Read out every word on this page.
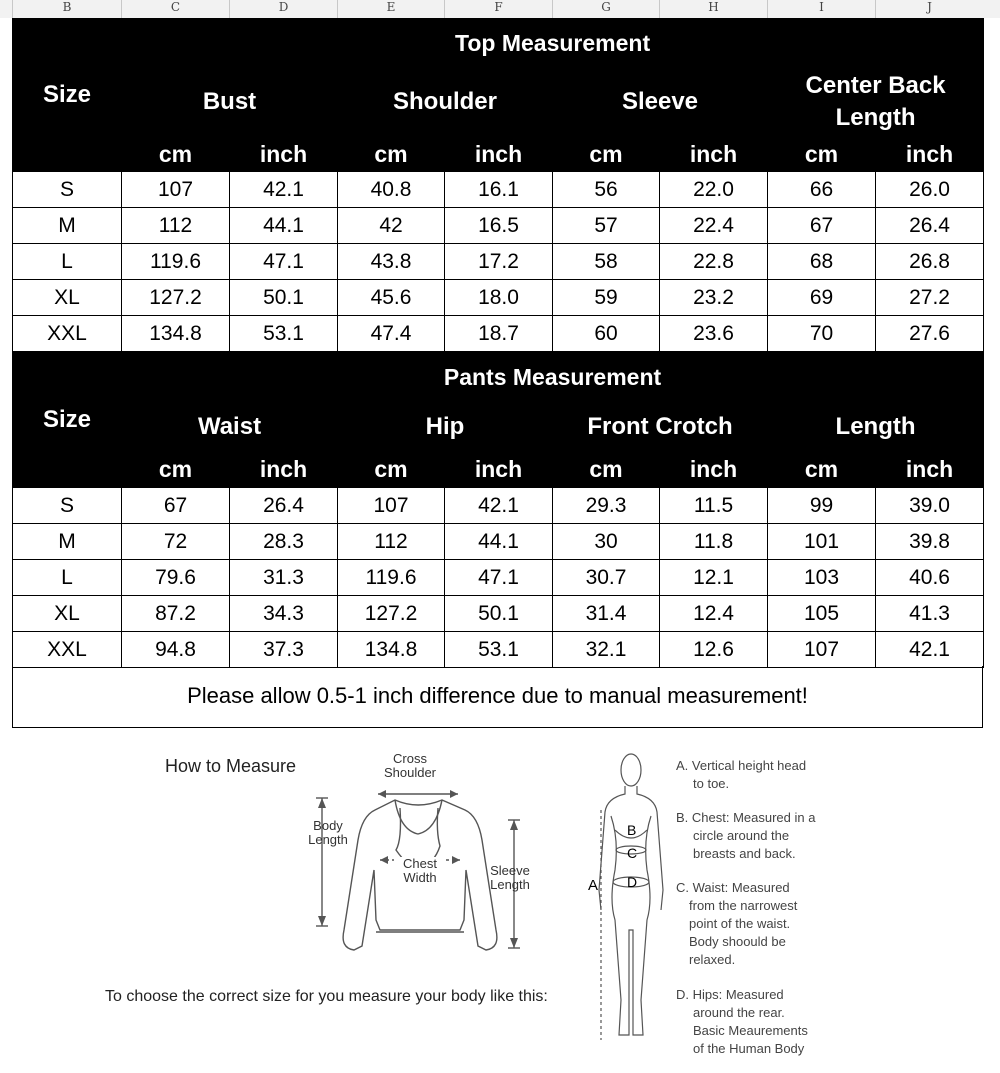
B	C	D	E	F	G	H	I	J
Size	Top Measurement							
	Bust		Shoulder		Sleeve		Center Back Length	
	cm	inch	cm	inch	cm	inch	cm	inch
S	107	42.1	40.8	16.1	56	22.0	66	26.0
M	112	44.1	42	16.5	57	22.4	67	26.4
L	119.6	47.1	43.8	17.2	58	22.8	68	26.8
XL	127.2	50.1	45.6	18.0	59	23.2	69	27.2
XXL	134.8	53.1	47.4	18.7	60	23.6	70	27.6
Size	Pants Measurement							
	Waist		Hip		Front Crotch		Length	
	cm	inch	cm	inch	cm	inch	cm	inch
S	67	26.4	107	42.1	29.3	11.5	99	39.0
M	72	28.3	112	44.1	30	11.8	101	39.8
L	79.6	31.3	119.6	47.1	30.7	12.1	103	40.6
XL	87.2	34.3	127.2	50.1	31.4	12.4	105	41.3
XXL	94.8	37.3	134.8	53.1	32.1	12.6	107	42.1
Please allow 0.5-1 inch difference due to manual measurement!
How to Measure
To choose the correct size for you measure your body like this:
Cross
Shoulder
Body
Length
Chest
Width	Sleeve
Length	A
B
C
D
A. Vertical height head
to toe.
B. Chest: Measured in a
circle around the
breasts and back.
C. Waist: Measured
from the narrowest
point of the waist.
Body shoould be
relaxed.
D. Hips: Measured
around the rear.
Basic Meaurements
of the Human Body
